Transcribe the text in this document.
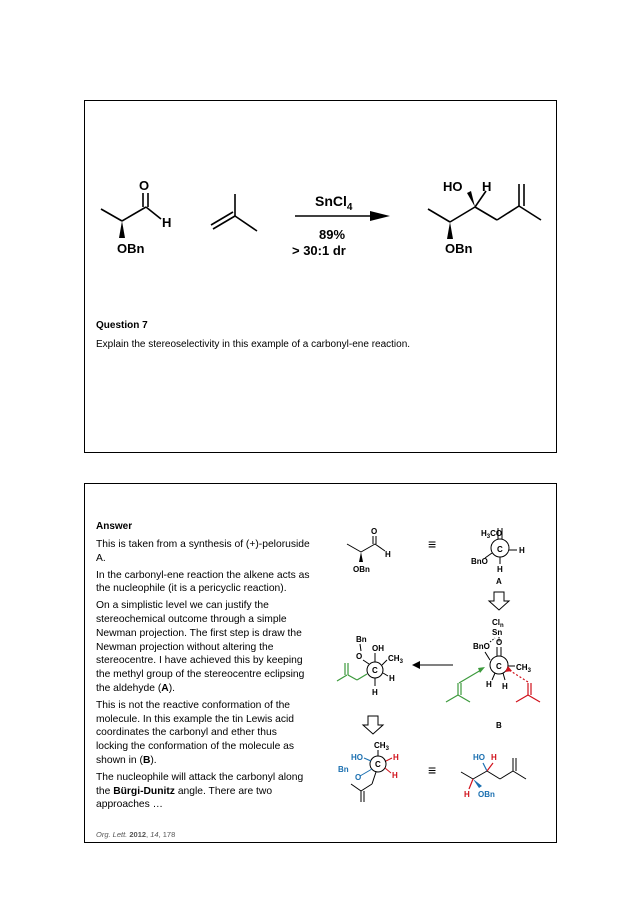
O
H
OBn
SnCl$_4$
89%
> 30:1 dr
HO H
OBn
Question 7
Explain the stereoselectivity in this example of a carbonyl-ene reaction.
Answer

This is taken from a synthesis of (+)-peloruside A.

In the carbonyl-ene reaction the alkene acts as the nucleophile (it is a pericyclic reaction).

On a simplistic level we can justify the stereochemical outcome through a simple Newman projection. The first step is draw the Newman projection without altering the stereocentre. I have achieved this by keeping the methyl group of the stereocentre eclipsing the aldehyde (A).

This is not the reactive conformation of the molecule. In this example the tin Lewis acid coordinates the carbonyl and ether thus locking the conformation of the molecule as shown in (B).

The nucleophile will attack the carbonyl along the Bürgi-Dunitz angle. There are two approaches …

Org. Lett. 2012, 14, 178
O
H
OBn
≡	C
$H_3CO$
H
BnO
H
A
$Cl_n$
Sn
C
O
BnO
$CH_3$
H H
B
C
Bn
O
OH
$CH_3$
H
H
C
$CH_3$
HO
Bn
O
H
H ≡
HO H
H OBn
